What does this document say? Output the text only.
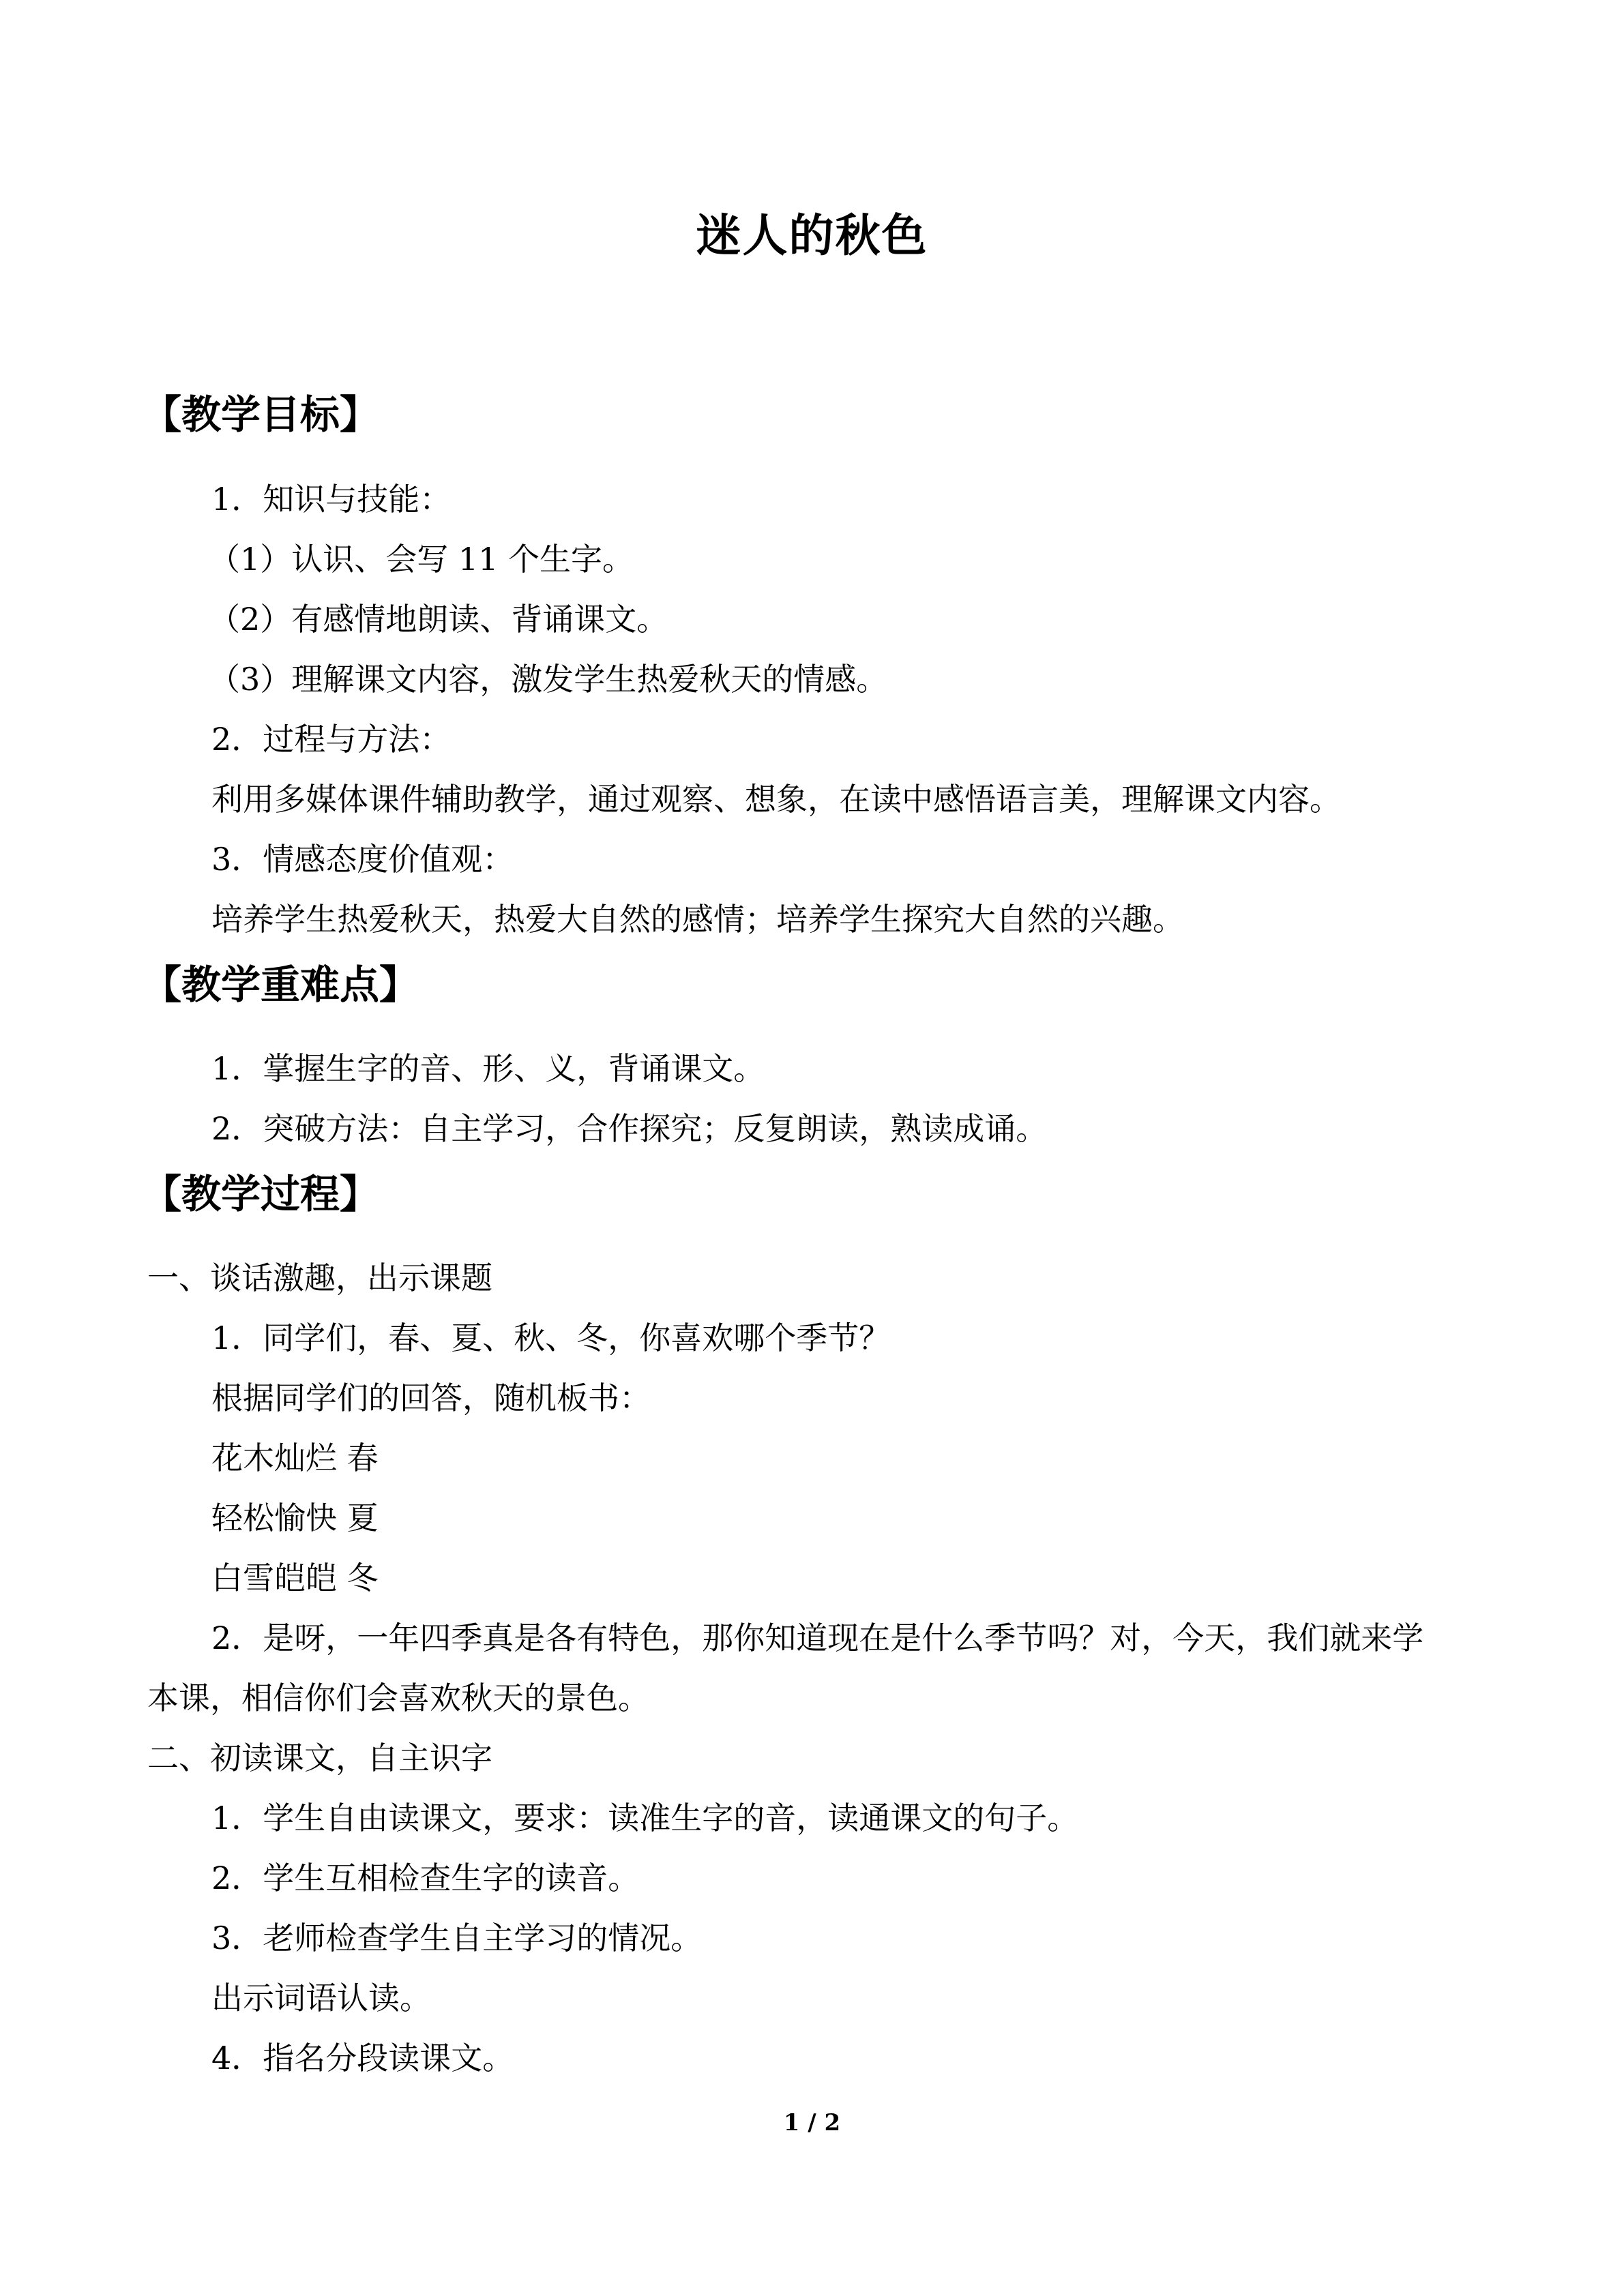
迷人的秋色
【教学目标】
1．知识与技能：
（1）认识、会写 11 个生字。
（2）有感情地朗读、背诵课文。
（3）理解课文内容，激发学生热爱秋天的情感。
2．过程与方法：
利用多媒体课件辅助教学，通过观察、想象，在读中感悟语言美，理解课文内容。
3．情感态度价值观：
培养学生热爱秋天，热爱大自然的感情；培养学生探究大自然的兴趣。
【教学重难点】
1．掌握生字的音、形、义，背诵课文。
2．突破方法：自主学习，合作探究；反复朗读，熟读成诵。
【教学过程】
一、谈话激趣，出示课题
1．同学们，春、夏、秋、冬，你喜欢哪个季节？
根据同学们的回答，随机板书：
花木灿烂 春
轻松愉快 夏
白雪皑皑 冬
2．是呀，一年四季真是各有特色，那你知道现在是什么季节吗？对，今天，我们就来学
本课，相信你们会喜欢秋天的景色。
二、初读课文，自主识字
1．学生自由读课文，要求：读准生字的音，读通课文的句子。
2．学生互相检查生字的读音。
3．老师检查学生自主学习的情况。
出示词语认读。
4．指名分段读课文。
1 / 2
